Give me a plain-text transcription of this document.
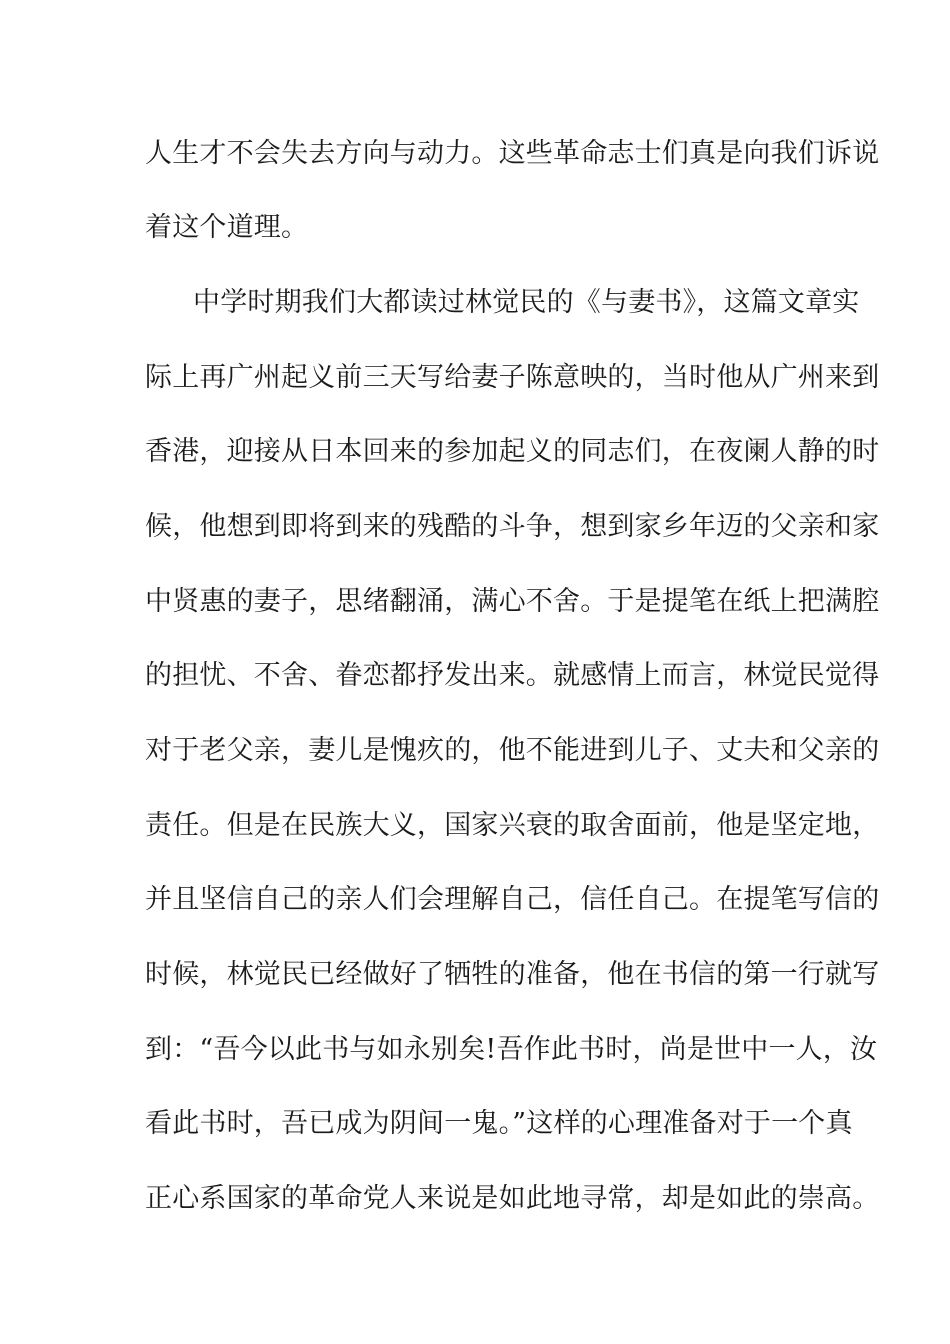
人生才不会失去方向与动力。这些革命志士们真是向我们诉说
着这个道理。
中学时期我们大都读过林觉民的《与妻书》，这篇文章实
际上再广州起义前三天写给妻子陈意映的，当时他从广州来到
香港，迎接从日本回来的参加起义的同志们，在夜阑人静的时
候，他想到即将到来的残酷的斗争，想到家乡年迈的父亲和家
中贤惠的妻子，思绪翻涌，满心不舍。于是提笔在纸上把满腔
的担忧、不舍、眷恋都抒发出来。就感情上而言，林觉民觉得
对于老父亲，妻儿是愧疚的，他不能进到儿子、丈夫和父亲的
责任。但是在民族大义，国家兴衰的取舍面前，他是坚定地，
并且坚信自己的亲人们会理解自己，信任自己。在提笔写信的
时候，林觉民已经做好了牺牲的准备，他在书信的第一行就写
到：“吾今以此书与如永别矣!吾作此书时，尚是世中一人，汝
看此书时，吾已成为阴间一鬼。”这样的心理准备对于一个真
正心系国家的革命党人来说是如此地寻常，却是如此的崇高。
